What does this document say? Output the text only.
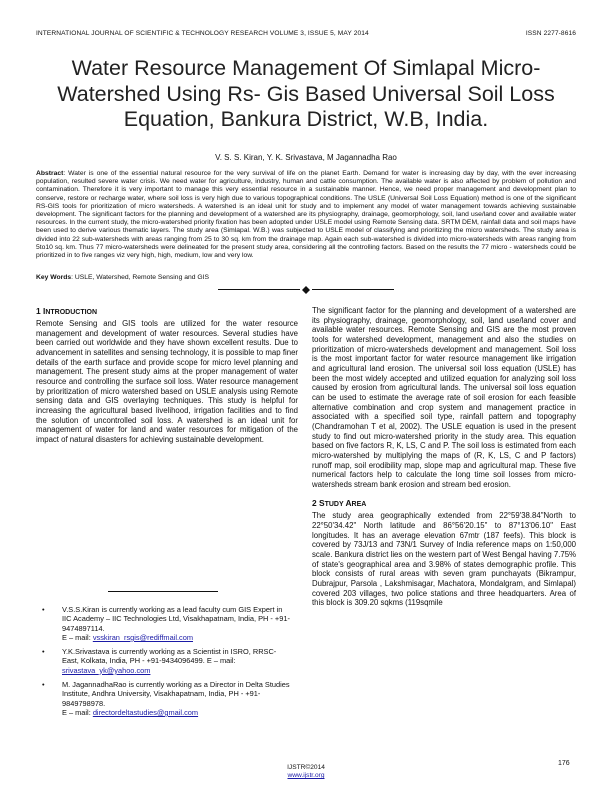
INTERNATIONAL JOURNAL OF SCIENTIFIC & TECHNOLOGY RESEARCH VOLUME 3, ISSUE 5, MAY 2014	ISSN 2277-8616
Water Resource Management Of Simlapal Micro-Watershed Using Rs- Gis Based Universal Soil Loss Equation, Bankura District, W.B, India.
V. S. S. Kiran, Y. K. Srivastava, M Jagannadha Rao
Abstract: Water is one of the essential natural resource for the very survival of life on the planet Earth. Demand for water is increasing day by day, with the ever increasing population, resulted severe water crisis. We need water for agriculture, industry, human and cattle consumption. The available water is also affected by problem of pollution and contamination. Therefore it is very important to manage this very essential resource in a sustainable manner. Hence, we need proper management and development plan to conserve, restore or recharge water, where soil loss is very high due to various topographical conditions. The USLE (Universal Soil Loss Equation) method is one of the significant RS-GIS tools for prioritization of micro watersheds. A watershed is an ideal unit for study and to implement any model of water management towards achieving sustainable development. The significant factors for the planning and development of a watershed are its physiography, drainage, geomorphology, soil, land use/land cover and available water resources. In the current study, the micro-watershed priority fixation has been adopted under USLE model using Remote Sensing data. SRTM DEM, rainfall data and soil maps have been used to derive various thematic layers. The study area (Simlapal. W.B.) was subjected to USLE model of classifying and prioritizing the micro watersheds. The study area is divided into 22 sub-watersheds with areas ranging from 25 to 30 sq. km from the drainage map. Again each sub-watershed is divided into micro-watersheds with areas ranging from 5to10 sq. km. Thus 77 micro-watersheds were delineated for the present study area, considering all the controlling factors. Based on the results the 77 micro - watersheds could be prioritized in to five ranges viz very high, high, medium, low and very low.
Key Words: USLE, Watershed, Remote Sensing and GIS
1 INTRODUCTION

Remote Sensing and GIS tools are utilized for the water resource management and development of water resources. Several studies have been carried out worldwide and they have shown excellent results. Due to advancement in satellites and sensing technology, it is possible to map finer details of the earth surface and provide scope for micro level planning and management. The present study aims at the proper management of water resource and controlling the surface soil loss. Water resource management by prioritization of micro watershed based on USLE analysis using Remote sensing data and GIS overlaying techniques. This study is helpful for increasing the agricultural based livelihood, irrigation facilities and to find the solution of uncontrolled soil loss. A watershed is an ideal unit for management of water for land and water resources for mitigation of the impact of natural disasters for achieving sustainable development.

The significant factor for the planning and development of a watershed are its physiography, drainage, geomorphology, soil, land use/land cover and available water resources. Remote Sensing and GIS are the most proven tools for watershed development, management and also the studies on prioritization of micro-watersheds development and management. Soil loss is the most important factor for water resource management like irrigation and agricultural land erosion. The universal soil loss equation (USLE) has been the most widely accepted and utilized equation for analyzing soil loss caused by erosion from agricultural lands. The universal soil loss equation can be used to estimate the average rate of soil erosion for each feasible alternative combination and crop system and management practice in associated with a specified soil type, rainfall pattern and topography (Chandramohan T et al, 2002). The USLE equation is used in the present study to find out micro-watershed priority in the study area. This equation based on five factors R, K, LS, C and P. The soil loss is estimated from each micro-watershed by multiplying the maps of (R, K, LS, C and P factors) runoff map, soil erodibility map, slope map and agricultural map. These five numerical factors help to calculate the long time soil losses from micro-watersheds stream bank erosion and stream bed erosion.

2 STUDY AREA

The study area geographically extended from 22°59'38.84"North to 22°50'34.42" North latitude and 86°56'20.15" to 87°13'06.10" East longitudes. It has an average elevation 67mtr (187 feefs). This block is covered by 73J/13 and 73N/1 Survey of India reference maps on 1:50,000 scale. Bankura district lies on the western part of West Bengal having 7.75% of state's geographical area and 3.98% of states demographic profile. This block consists of rural areas with seven gram punchayats (Bikrampur, Dubrajpur, Parsola , Lakshmisagar, Machatora, Mondalgram, and Simlapal) covered 203 villages, two police stations and three headquarters. Area of this block is 309.20 sqkms (119sqmile

• V.S.S.Kiran is currently working as a lead faculty cum GIS Expert in IIC Academy – IIC Technologies Ltd, Visakhapatnam, India, PH - +91-9474897114.
E – mail: vsskiran_rsgis@rediffmail.com
• Y.K.Srivastava is currently working as a Scientist in ISRO, RRSC-East, Kolkata, India, PH - +91-9434096499. E – mail: srivastava_yk@yahoo.com
• M. JagannadhaRao is currently working as a Director in Delta Studies Institute, Andhra University, Visakhapatnam, India, PH - +91-9849798978.
E – mail: directordeltastudies@gmail.com
176
IJSTR©2014
www.ijstr.org
